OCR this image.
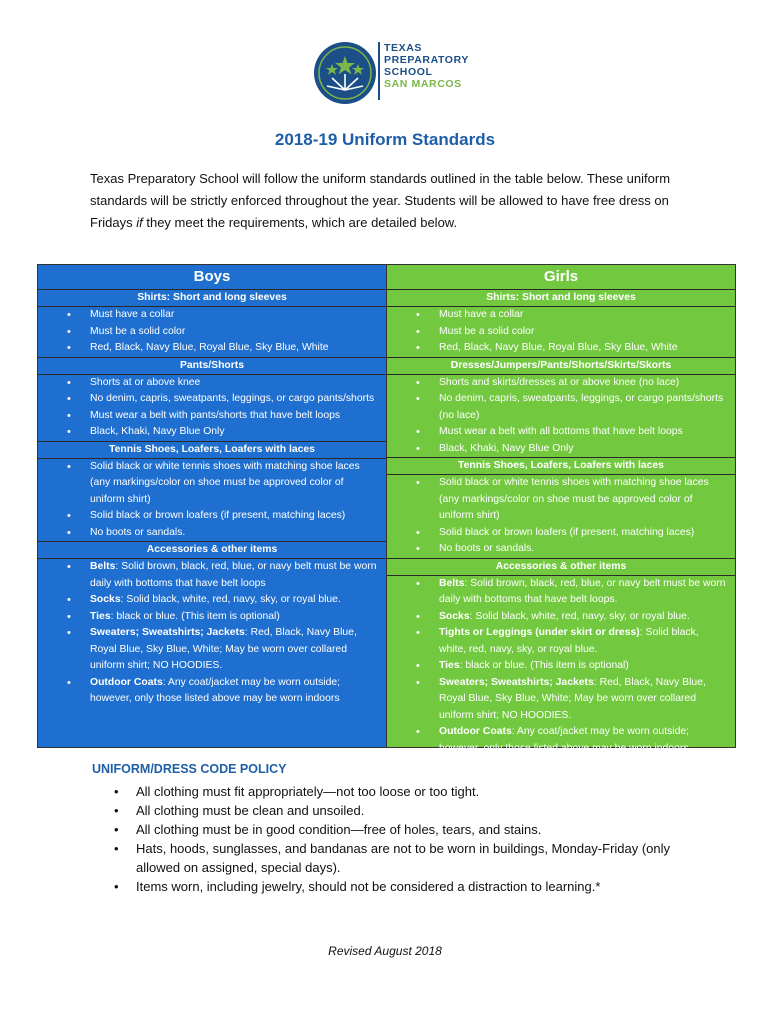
TEXAS
PREPARATORY
SCHOOL
SAN MARCOS
2018-19 Uniform Standards
Texas Preparatory School will follow the uniform standards outlined in the table below. These uniform standards will be strictly enforced throughout the year. Students will be allowed to have free dress on Fridays if they meet the requirements, which are detailed below.
Boys
Shirts: Short and long sleeves
• Must have a collar
• Must be a solid color
• Red, Black, Navy Blue, Royal Blue, Sky Blue, White
Pants/Shorts
• Shorts at or above knee
• No denim, capris, sweatpants, leggings, or cargo pants/shorts
• Must wear a belt with pants/shorts that have belt loops
• Black, Khaki, Navy Blue Only
Tennis Shoes, Loafers, Loafers with laces
• Solid black or white tennis shoes with matching shoe laces (any markings/color on shoe must be approved color of uniform shirt)
• Solid black or brown loafers (if present, matching laces)
• No boots or sandals.
Accessories & other items
• Belts: Solid brown, black, red, blue, or navy belt must be worn daily with bottoms that have belt loops
• Socks: Solid black, white, red, navy, sky, or royal blue.
• Ties: black or blue. (This item is optional)
• Sweaters; Sweatshirts; Jackets: Red, Black, Navy Blue, Royal Blue, Sky Blue, White; May be worn over collared uniform shirt; NO HOODIES.
• Outdoor Coats: Any coat/jacket may be worn outside; however, only those listed above may be worn indoors
Girls
Shirts: Short and long sleeves
• Must have a collar
• Must be a solid color
• Red, Black, Navy Blue, Royal Blue, Sky Blue, White
Dresses/Jumpers/Pants/Shorts/Skirts/Skorts
• Shorts and skirts/dresses at or above knee (no lace)
• No denim, capris, sweatpants, leggings, or cargo pants/shorts (no lace)
• Must wear a belt with all bottoms that have belt loops
• Black, Khaki, Navy Blue Only
Tennis Shoes, Loafers, Loafers with laces
• Solid black or white tennis shoes with matching shoe laces (any markings/color on shoe must be approved color of uniform shirt)
• Solid black or brown loafers (if present, matching laces)
• No boots or sandals.
Accessories & other items
• Belts: Solid brown, black, red, blue, or navy belt must be worn daily with bottoms that have belt loops.
• Socks: Solid black, white, red, navy, sky, or royal blue.
• Tights or Leggings (under skirt or dress): Solid black, white, red, navy, sky, or royal blue.
• Ties: black or blue. (This item is optional)
• Sweaters; Sweatshirts; Jackets: Red, Black, Navy Blue, Royal Blue, Sky Blue, White; May be worn over collared uniform shirt; NO HOODIES.
• Outdoor Coats: Any coat/jacket may be worn outside; however, only those listed above may be worn indoors.
UNIFORM/DRESS CODE POLICY
• All clothing must fit appropriately—not too loose or too tight.
• All clothing must be clean and unsoiled.
• All clothing must be in good condition—free of holes, tears, and stains.
• Hats, hoods, sunglasses, and bandanas are not to be worn in buildings, Monday-Friday (only allowed on assigned, special days).
• Items worn, including jewelry, should not be considered a distraction to learning.*
Revised August 2018
